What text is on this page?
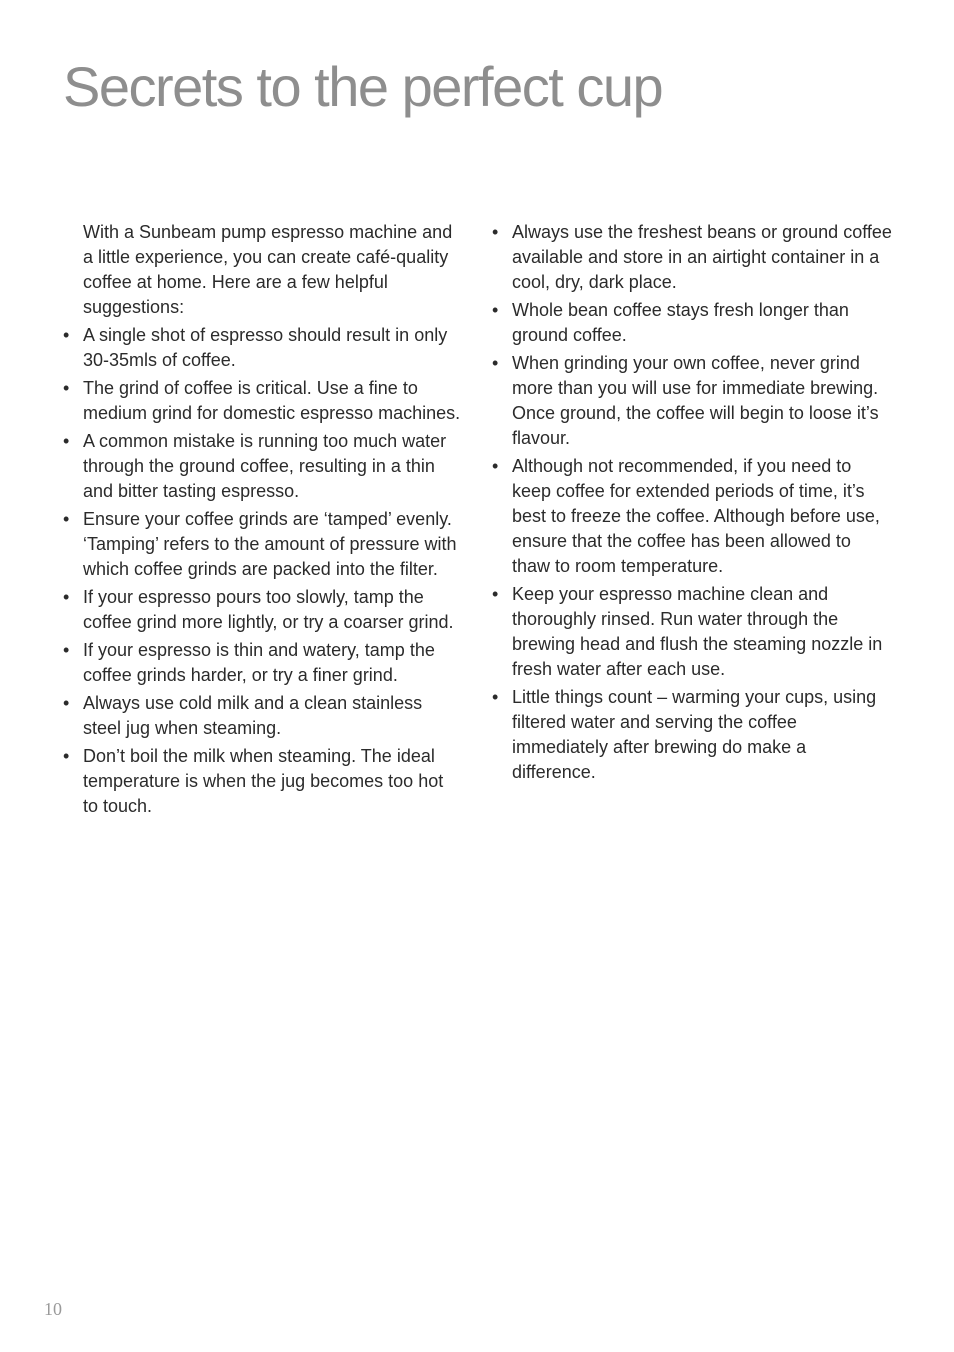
Secrets to the perfect cup

With a Sunbeam pump espresso machine and a little experience, you can create café-quality coffee at home. Here are a few helpful suggestions:

• A single shot of espresso should result in only 30-35mls of coffee.
• The grind of coffee is critical. Use a fine to medium grind for domestic espresso machines.
• A common mistake is running too much water through the ground coffee, resulting in a thin and bitter tasting espresso.
• Ensure your coffee grinds are ‘tamped’ evenly. ‘Tamping’ refers to the amount of pressure with which coffee grinds are packed into the filter.
• If your espresso pours too slowly, tamp the coffee grind more lightly, or try a coarser grind.
• If your espresso is thin and watery, tamp the coffee grinds harder, or try a finer grind.
• Always use cold milk and a clean stainless steel jug when steaming.
• Don’t boil the milk when steaming. The ideal temperature is when the jug becomes too hot to touch.
• Always use the freshest beans or ground coffee available and store in an airtight container in a cool, dry, dark place.
• Whole bean coffee stays fresh longer than ground coffee.
• When grinding your own coffee, never grind more than you will use for immediate brewing. Once ground, the coffee will begin to loose it’s flavour.
• Although not recommended, if you need to keep coffee for extended periods of time, it’s best to freeze the coffee. Although before use, ensure that the coffee has been allowed to thaw to room temperature.
• Keep your espresso machine clean and thoroughly rinsed. Run water through the brewing head and flush the steaming nozzle in fresh water after each use.
• Little things count – warming your cups, using filtered water and serving the coffee immediately after brewing do make a difference.
10
